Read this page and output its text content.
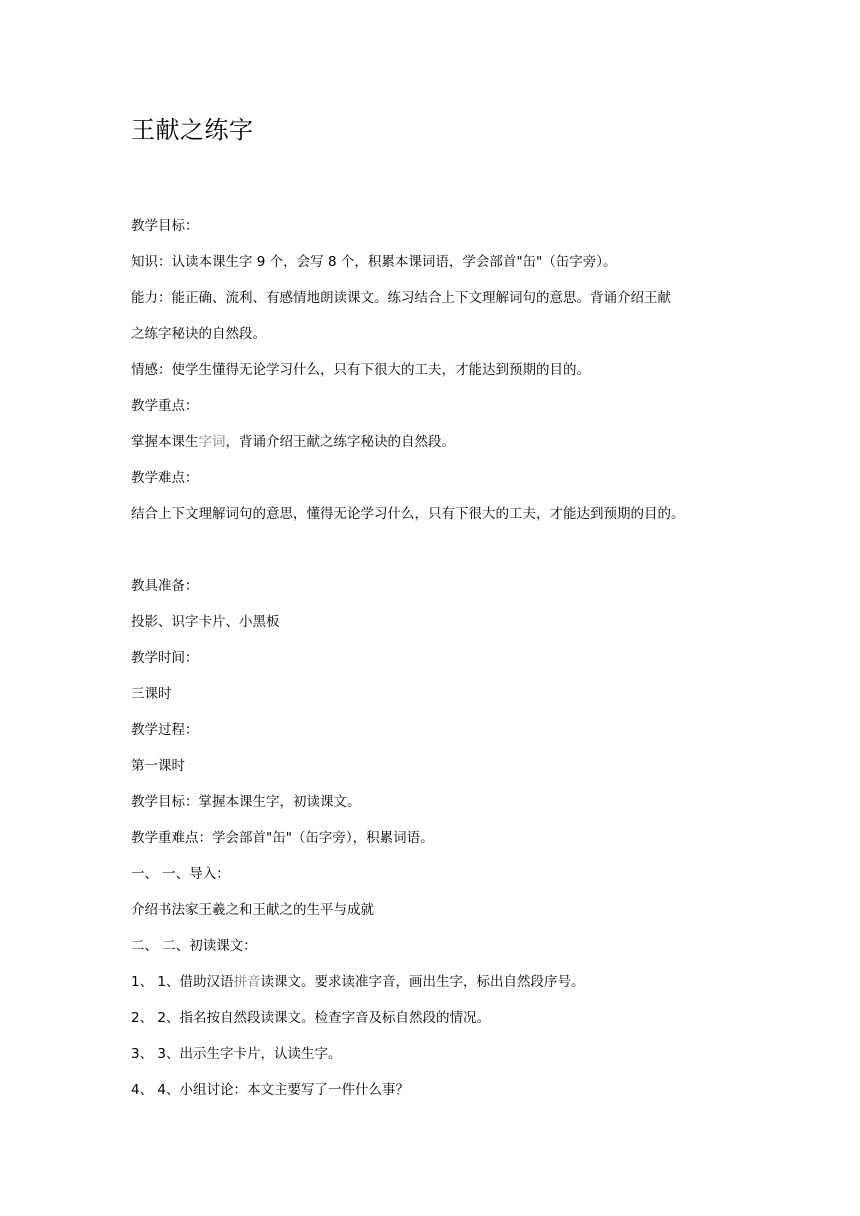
王献之练字
教学目标：
知识：认读本课生字 9 个，会写 8 个，积累本课词语，学会部首"缶"（缶字旁）。
能力：能正确、流利、有感情地朗读课文。练习结合上下文理解词句的意思。背诵介绍王献
之练字秘诀的自然段。
情感：使学生懂得无论学习什么，只有下很大的工夫，才能达到预期的目的。
教学重点：
掌握本课生字词，背诵介绍王献之练字秘诀的自然段。
教学难点：
结合上下文理解词句的意思，懂得无论学习什么，只有下很大的工夫，才能达到预期的目的。
教具准备：
投影、识字卡片、小黑板
教学时间：
三课时
教学过程：
第一课时
教学目标：掌握本课生字，初读课文。
教学重难点：学会部首"缶"（缶字旁），积累词语。
一、 一、导入：
介绍书法家王羲之和王献之的生平与成就
二、 二、初读课文：
1、 1、借助汉语拼音读课文。要求读准字音，画出生字，标出自然段序号。
2、 2、指名按自然段读课文。检查字音及标自然段的情况。
3、 3、出示生字卡片，认读生字。
4、 4、小组讨论：本文主要写了一件什么事？
